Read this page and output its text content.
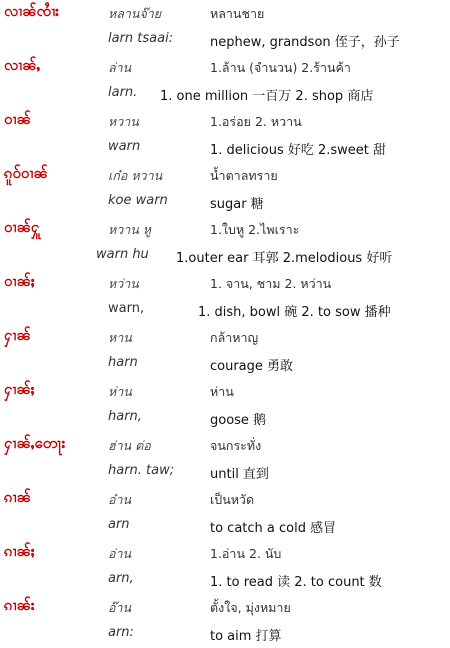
လၢၼ်ၸၢႆး	หลานจ๊าย	หลานชาย
larn tsaai:	nephew, grandson 侄子，孙子
လၢၼ်ႇ	ล่าน	1.ล้าน (จำนวน) 2.ร้านค้า
larn. 1. one million 一百万 2. shop 商店
ဝၢၼ်	หวาน	1.อร่อย 2. หวาน
warn	1. delicious 好吃 2.sweet 甜
ၵူဝ်ဝၢၼ်	เก๋อ หวาน	น้ำตาลทราย
koe warn	sugar 糖
ဝၢၼ်ႁူ	หวาน หู	1.ใบหู 2.ไพเราะ
warn hu 1.outer ear 耳郭 2.melodious 好听
ဝၢၼ်ႈ	หว่าน	1. จาน, ชาม 2. หว่าน
warn,	1. dish, bowl 碗 2. to sow 播种
ႁၢၼ်	หาน	กล้าหาญ
harn	courage 勇敢
ႁၢၼ်ႈ	ห่าน	ห่าน
harn,	goose 鹅
ႁၢၼ်ႇတေႃး	ฮ่าน ต่อ	จนกระทั่ง
harn. taw;	until 直到
ၵၢၼ်	อ๋าน	เป็นหวัด
arn	to catch a cold 感冒
ၵၢၼ်ႈ	อ่าน	1.อ่าน 2. นับ
arn,	1. to read 读 2. to count 数
ၵၢၼ်း	อ๊าน	ตั้งใจ, มุ่งหมาย
arn:	to aim 打算
